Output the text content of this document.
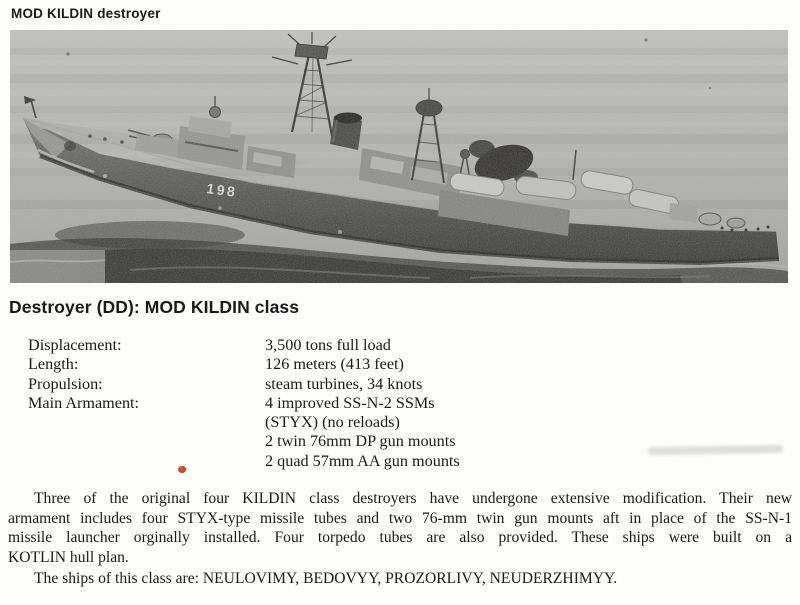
MOD KILDIN destroyer
198
Destroyer (DD): MOD KILDIN class
Displacement:	3,500 tons full load
Length:	126 meters (413 feet)
Propulsion:	steam turbines, 34 knots
Main Armament:	4 improved SS-N-2 SSMs
(STYX) (no reloads)
2 twin 76mm DP gun mounts
2 quad 57mm AA gun mounts
Three of the original four KILDIN class destroyers have undergone extensive modification. Their new
armament includes four STYX-type missile tubes and two 76-mm twin gun mounts aft in place of the SS-N-1
missile launcher orginally installed. Four torpedo tubes are also provided. These ships were built on a
KOTLIN hull plan.
The ships of this class are: NEULOVIMY, BEDOVYY, PROZORLIVY, NEUDERZHIMYY.
